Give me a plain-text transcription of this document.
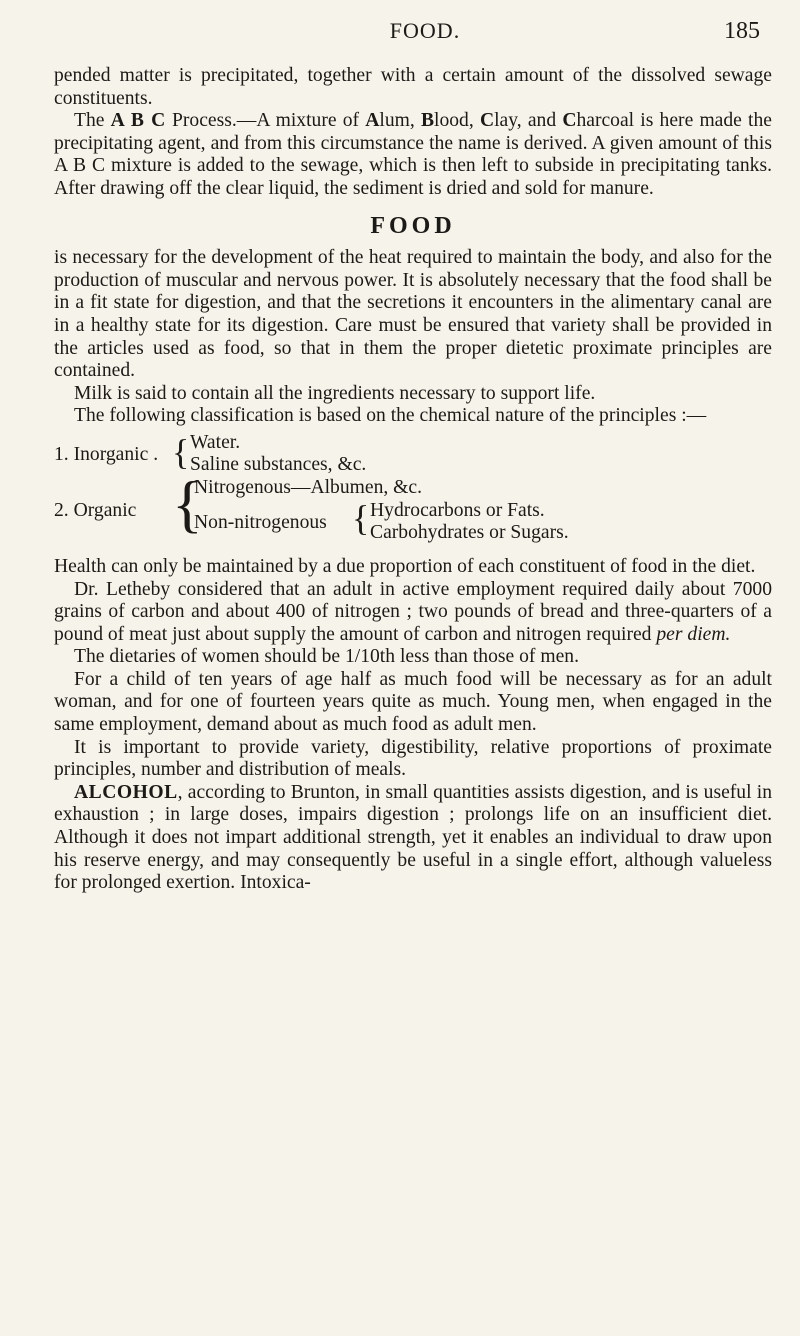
FOOD.	185

pended matter is precipitated, together with a certain amount of the dissolved sewage constituents.

The A B C Process.—A mixture of Alum, Blood, Clay, and Charcoal is here made the precipitating agent, and from this circumstance the name is derived. A given amount of this A B C mixture is added to the sewage, which is then left to subside in precipitating tanks. After drawing off the clear liquid, the sediment is dried and sold for manure.

FOOD

is necessary for the development of the heat required to maintain the body, and also for the production of muscular and nervous power. It is absolutely necessary that the food shall be in a fit state for digestion, and that the secretions it encounters in the alimentary canal are in a healthy state for its digestion. Care must be ensured that variety shall be provided in the articles used as food, so that in them the proper dietetic proximate principles are contained.

Milk is said to contain all the ingredients necessary to support life.

The following classification is based on the chemical nature of the principles :—

1. Inorganic . { Water.
Saline substances, &c.
2. Organic {
Nitrogenous—Albumen, &c.
Non-nitrogenous { Hydrocarbons or Fats.
Carbohydrates or Sugars.

Health can only be maintained by a due proportion of each constituent of food in the diet.

Dr. Letheby considered that an adult in active employment required daily about 7000 grains of carbon and about 400 of nitrogen ; two pounds of bread and three-quarters of a pound of meat just about supply the amount of carbon and nitrogen required per diem.

The dietaries of women should be 1/10th less than those of men.

For a child of ten years of age half as much food will be necessary as for an adult woman, and for one of fourteen years quite as much. Young men, when engaged in the same employment, demand about as much food as adult men.

It is important to provide variety, digestibility, relative proportions of proximate principles, number and distribution of meals.

ALCOHOL, according to Brunton, in small quantities assists digestion, and is useful in exhaustion ; in large doses, impairs digestion ; prolongs life on an insufficient diet. Although it does not impart additional strength, yet it enables an individual to draw upon his reserve energy, and may consequently be useful in a single effort, although valueless for prolonged exertion. Intoxica-
